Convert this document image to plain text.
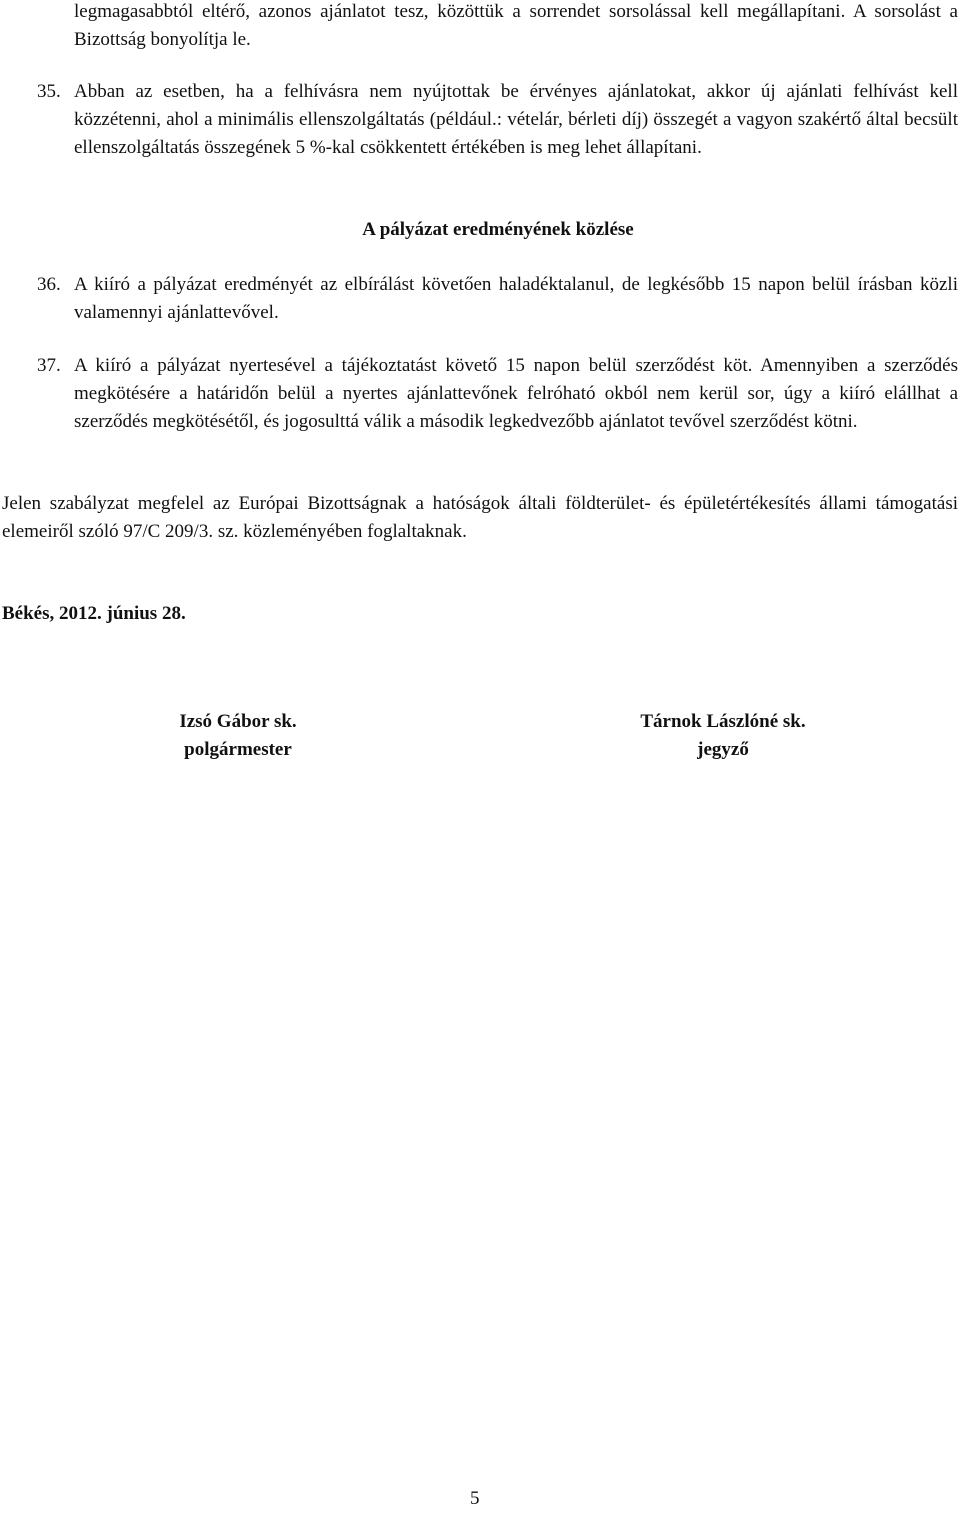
legmagasabbtól eltérő, azonos ajánlatot tesz, közöttük a sorrendet sorsolással kell megállapítani. A sorsolást a Bizottság bonyolítja le.
35. Abban az esetben, ha a felhívásra nem nyújtottak be érvényes ajánlatokat, akkor új ajánlati felhívást kell közzétenni, ahol a minimális ellenszolgáltatás (például.: vételár, bérleti díj) összegét a vagyon szakértő által becsült ellenszolgáltatás összegének 5 %-kal csökkentett értékében is meg lehet állapítani.
A pályázat eredményének közlése
36. A kiíró a pályázat eredményét az elbírálást követően haladéktalanul, de legkésőbb 15 napon belül írásban közli valamennyi ajánlattevővel.
37. A kiíró a pályázat nyertesével a tájékoztatást követő 15 napon belül szerződést köt. Amennyiben a szerződés megkötésére a határidőn belül a nyertes ajánlattevőnek felróható okból nem kerül sor, úgy a kiíró elállhat a szerződés megkötésétől, és jogosulttá válik a második legkedvezőbb ajánlatot tevővel szerződést kötni.
Jelen szabályzat megfelel az Európai Bizottságnak a hatóságok általi földterület- és épületértékesítés állami támogatási elemeiről szóló 97/C 209/3. sz. közleményében foglaltaknak.
Békés, 2012. június 28.
Izsó Gábor sk.
polgármester
Tárnok Lászlóné sk.
jegyző
5
